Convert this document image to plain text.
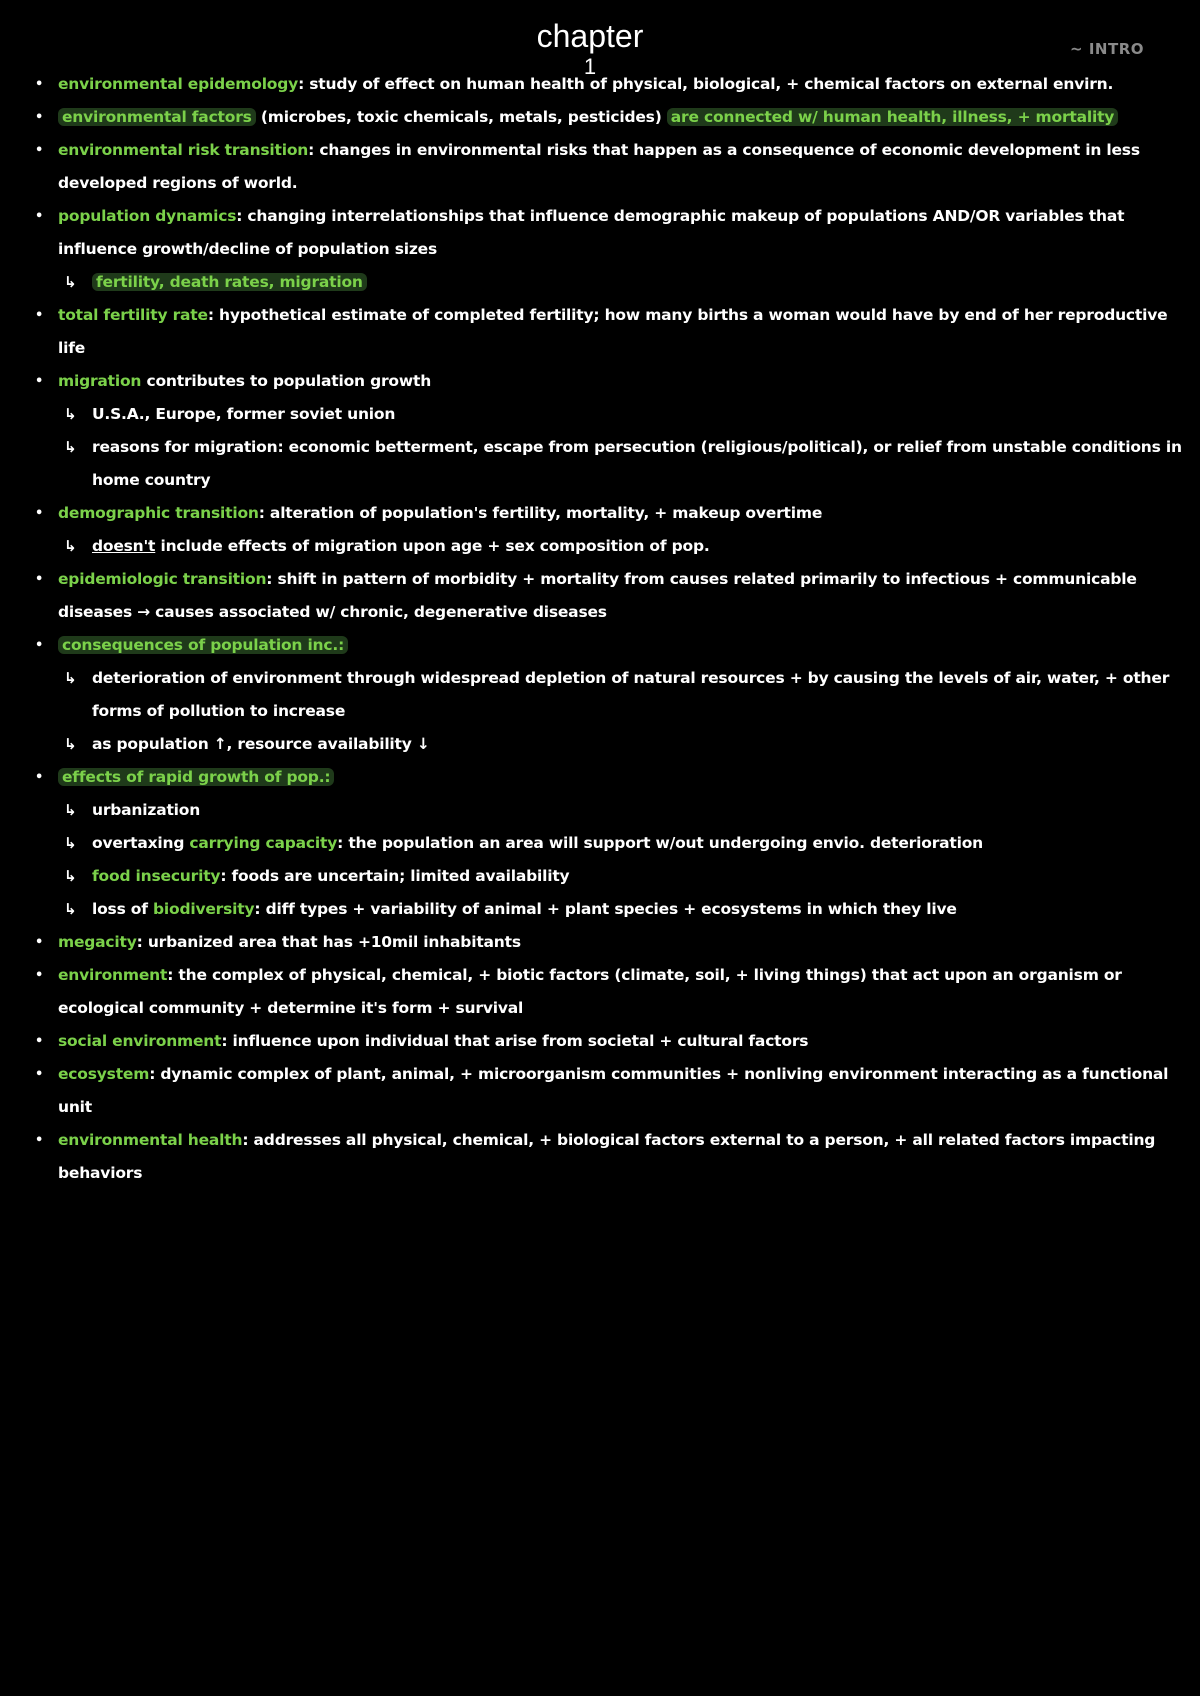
chapter
1
~ INTRO
• environmental epidemology: study of effect on human health of physical, biological, + chemical factors on external envirn.
• environmental factors (microbes, toxic chemicals, metals, pesticides) are connected w/ human health, illness, + mortality
• environmental risk transition: changes in environmental risks that happen as a consequence of economic development in less developed regions of world.
• population dynamics: changing interrelationships that influence demographic makeup of populations AND/OR variables that influence growth/decline of population sizes
↳ fertility, death rates, migration
• total fertility rate: hypothetical estimate of completed fertility; how many births a woman would have by end of her reproductive life
• migration contributes to population growth
↳ U.S.A., Europe, former soviet union
↳ reasons for migration: economic betterment, escape from persecution (religious/political), or relief from unstable conditions in home country
• demographic transition: alteration of population's fertility, mortality, + makeup overtime
↳ doesn't include effects of migration upon age + sex composition of pop.
• epidemiologic transition: shift in pattern of morbidity + mortality from causes related primarily to infectious + communicable diseases → causes associated w/ chronic, degenerative diseases
• consequences of population inc.:
↳ deterioration of environment through widespread depletion of natural resources + by causing the levels of air, water, + other forms of pollution to increase
↳ as population ↑, resource availability ↓
• effects of rapid growth of pop.:
↳ urbanization
↳ overtaxing carrying capacity: the population an area will support w/out undergoing envio. deterioration
↳ food insecurity: foods are uncertain; limited availability
↳ loss of biodiversity: diff types + variability of animal + plant species + ecosystems in which they live
• megacity: urbanized area that has +10mil inhabitants
• environment: the complex of physical, chemical, + biotic factors (climate, soil, + living things) that act upon an organism or ecological community + determine it's form + survival
• social environment: influence upon individual that arise from societal + cultural factors
• ecosystem: dynamic complex of plant, animal, + microorganism communities + nonliving environment interacting as a functional unit
• environmental health: addresses all physical, chemical, + biological factors external to a person, + all related factors impacting behaviors
